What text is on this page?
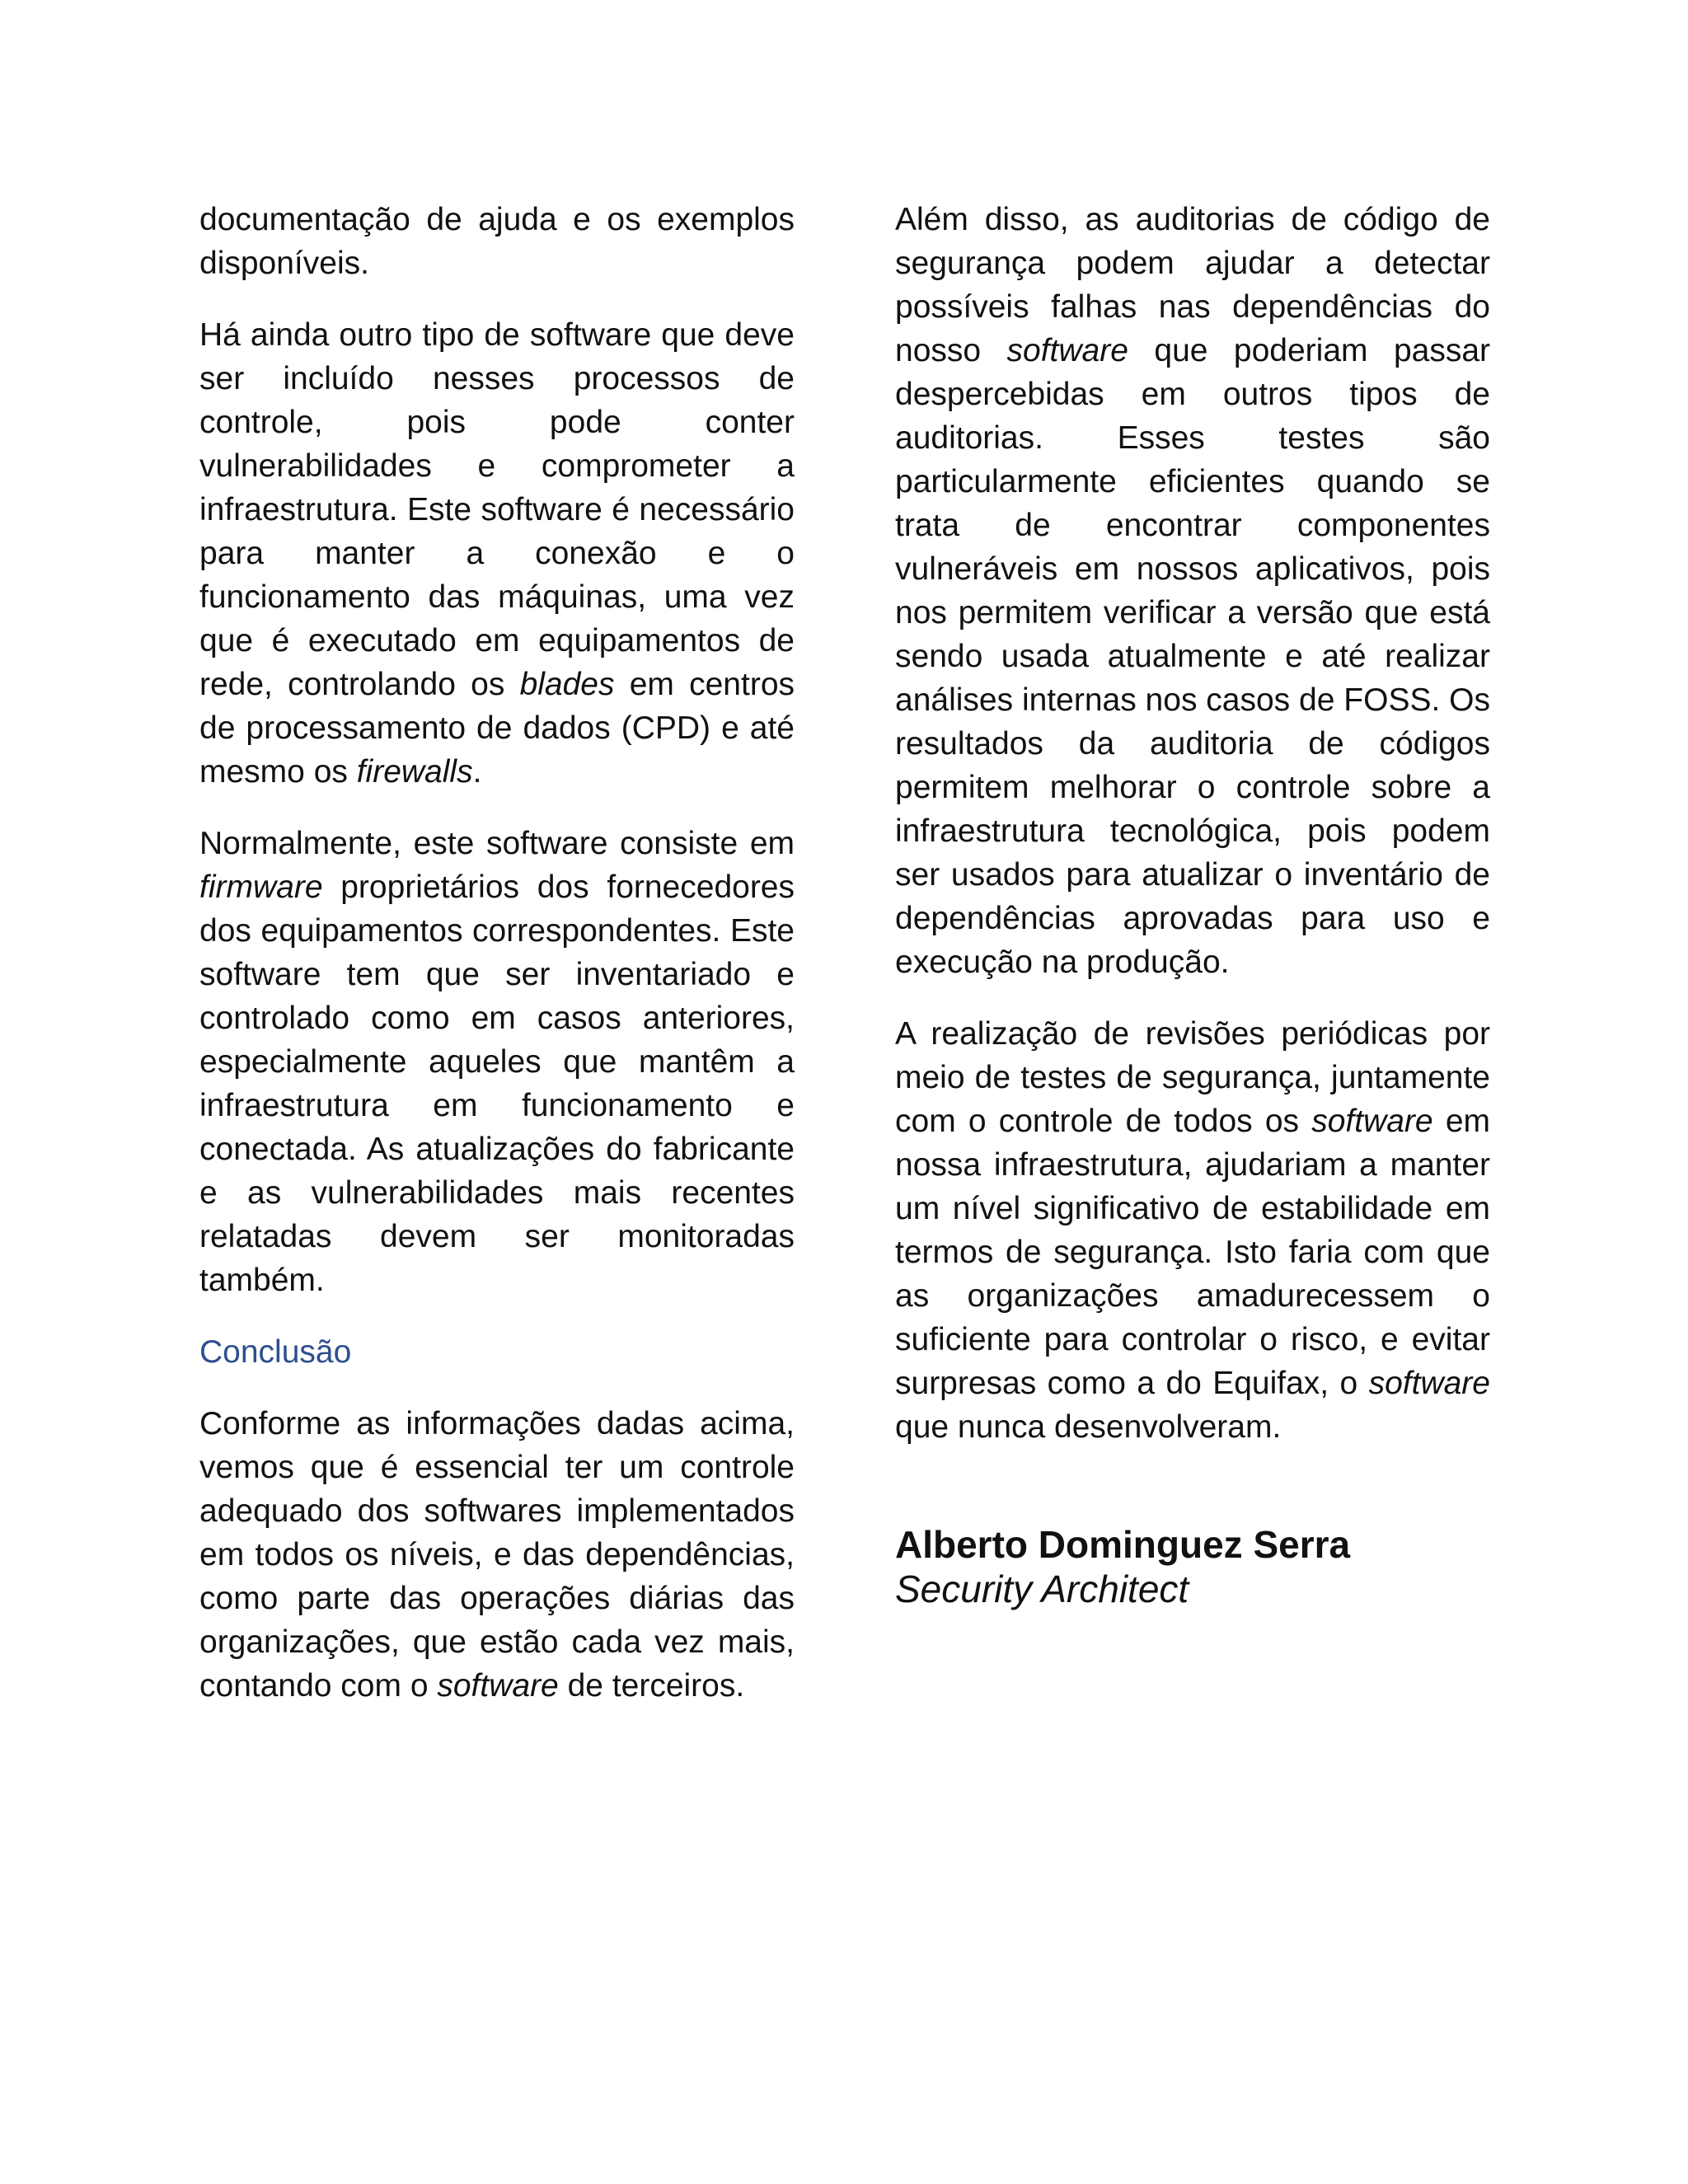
documentação de ajuda e os exemplos disponíveis.

Há ainda outro tipo de software que deve ser incluído nesses processos de controle, pois pode conter vulnerabilidades e comprometer a infraestrutura. Este software é necessário para manter a conexão e o funcionamento das máquinas, uma vez que é executado em equipamentos de rede, controlando os blades em centros de processamento de dados (CPD) e até mesmo os firewalls.

Normalmente, este software consiste em firmware proprietários dos fornecedores dos equipamentos correspondentes. Este software tem que ser inventariado e controlado como em casos anteriores, especialmente aqueles que mantêm a infraestrutura em funcionamento e conectada. As atualizações do fabricante e as vulnerabilidades mais recentes relatadas devem ser monitoradas também.

Conclusão

Conforme as informações dadas acima, vemos que é essencial ter um controle adequado dos softwares implementados em todos os níveis, e das dependências, como parte das operações diárias das organizações, que estão cada vez mais, contando com o software de terceiros.

Além disso, as auditorias de código de segurança podem ajudar a detectar possíveis falhas nas dependências do nosso software que poderiam passar despercebidas em outros tipos de auditorias. Esses testes são particularmente eficientes quando se trata de encontrar componentes vulneráveis em nossos aplicativos, pois nos permitem verificar a versão que está sendo usada atualmente e até realizar análises internas nos casos de FOSS. Os resultados da auditoria de códigos permitem melhorar o controle sobre a infraestrutura tecnológica, pois podem ser usados para atualizar o inventário de dependências aprovadas para uso e execução na produção.

A realização de revisões periódicas por meio de testes de segurança, juntamente com o controle de todos os software em nossa infraestrutura, ajudariam a manter um nível significativo de estabilidade em termos de segurança. Isto faria com que as organizações amadurecessem o suficiente para controlar o risco, e evitar surpresas como a do Equifax, o software que nunca desenvolveram.

Alberto Dominguez Serra
Security Architect
